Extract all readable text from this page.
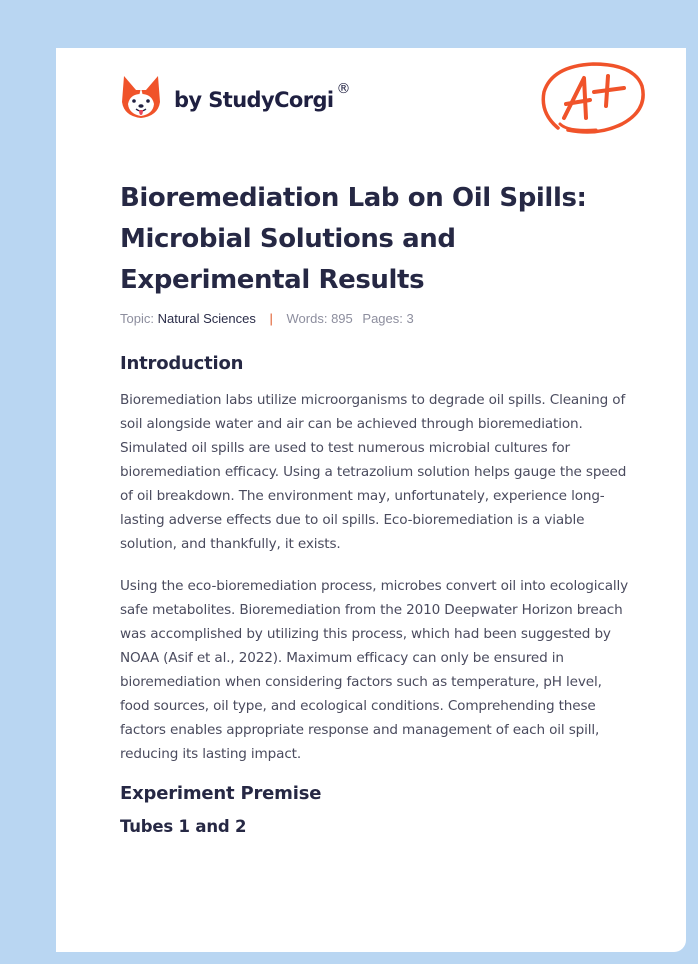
by StudyCorgi ®
Bioremediation Lab on Oil Spills: Microbial Solutions and Experimental Results
Topic: Natural Sciences | Words: 895 Pages: 3
Introduction

Bioremediation labs utilize microorganisms to degrade oil spills. Cleaning of soil alongside water and air can be achieved through bioremediation. Simulated oil spills are used to test numerous microbial cultures for bioremediation efficacy. Using a tetrazolium solution helps gauge the speed of oil breakdown. The environment may, unfortunately, experience long-lasting adverse effects due to oil spills. Eco-bioremediation is a viable solution, and thankfully, it exists.

Using the eco-bioremediation process, microbes convert oil into ecologically safe metabolites. Bioremediation from the 2010 Deepwater Horizon breach was accomplished by utilizing this process, which had been suggested by NOAA (Asif et al., 2022). Maximum efficacy can only be ensured in bioremediation when considering factors such as temperature, pH level, food sources, oil type, and ecological conditions. Comprehending these factors enables appropriate response and management of each oil spill, reducing its lasting impact.

Experiment Premise
Tubes 1 and 2
